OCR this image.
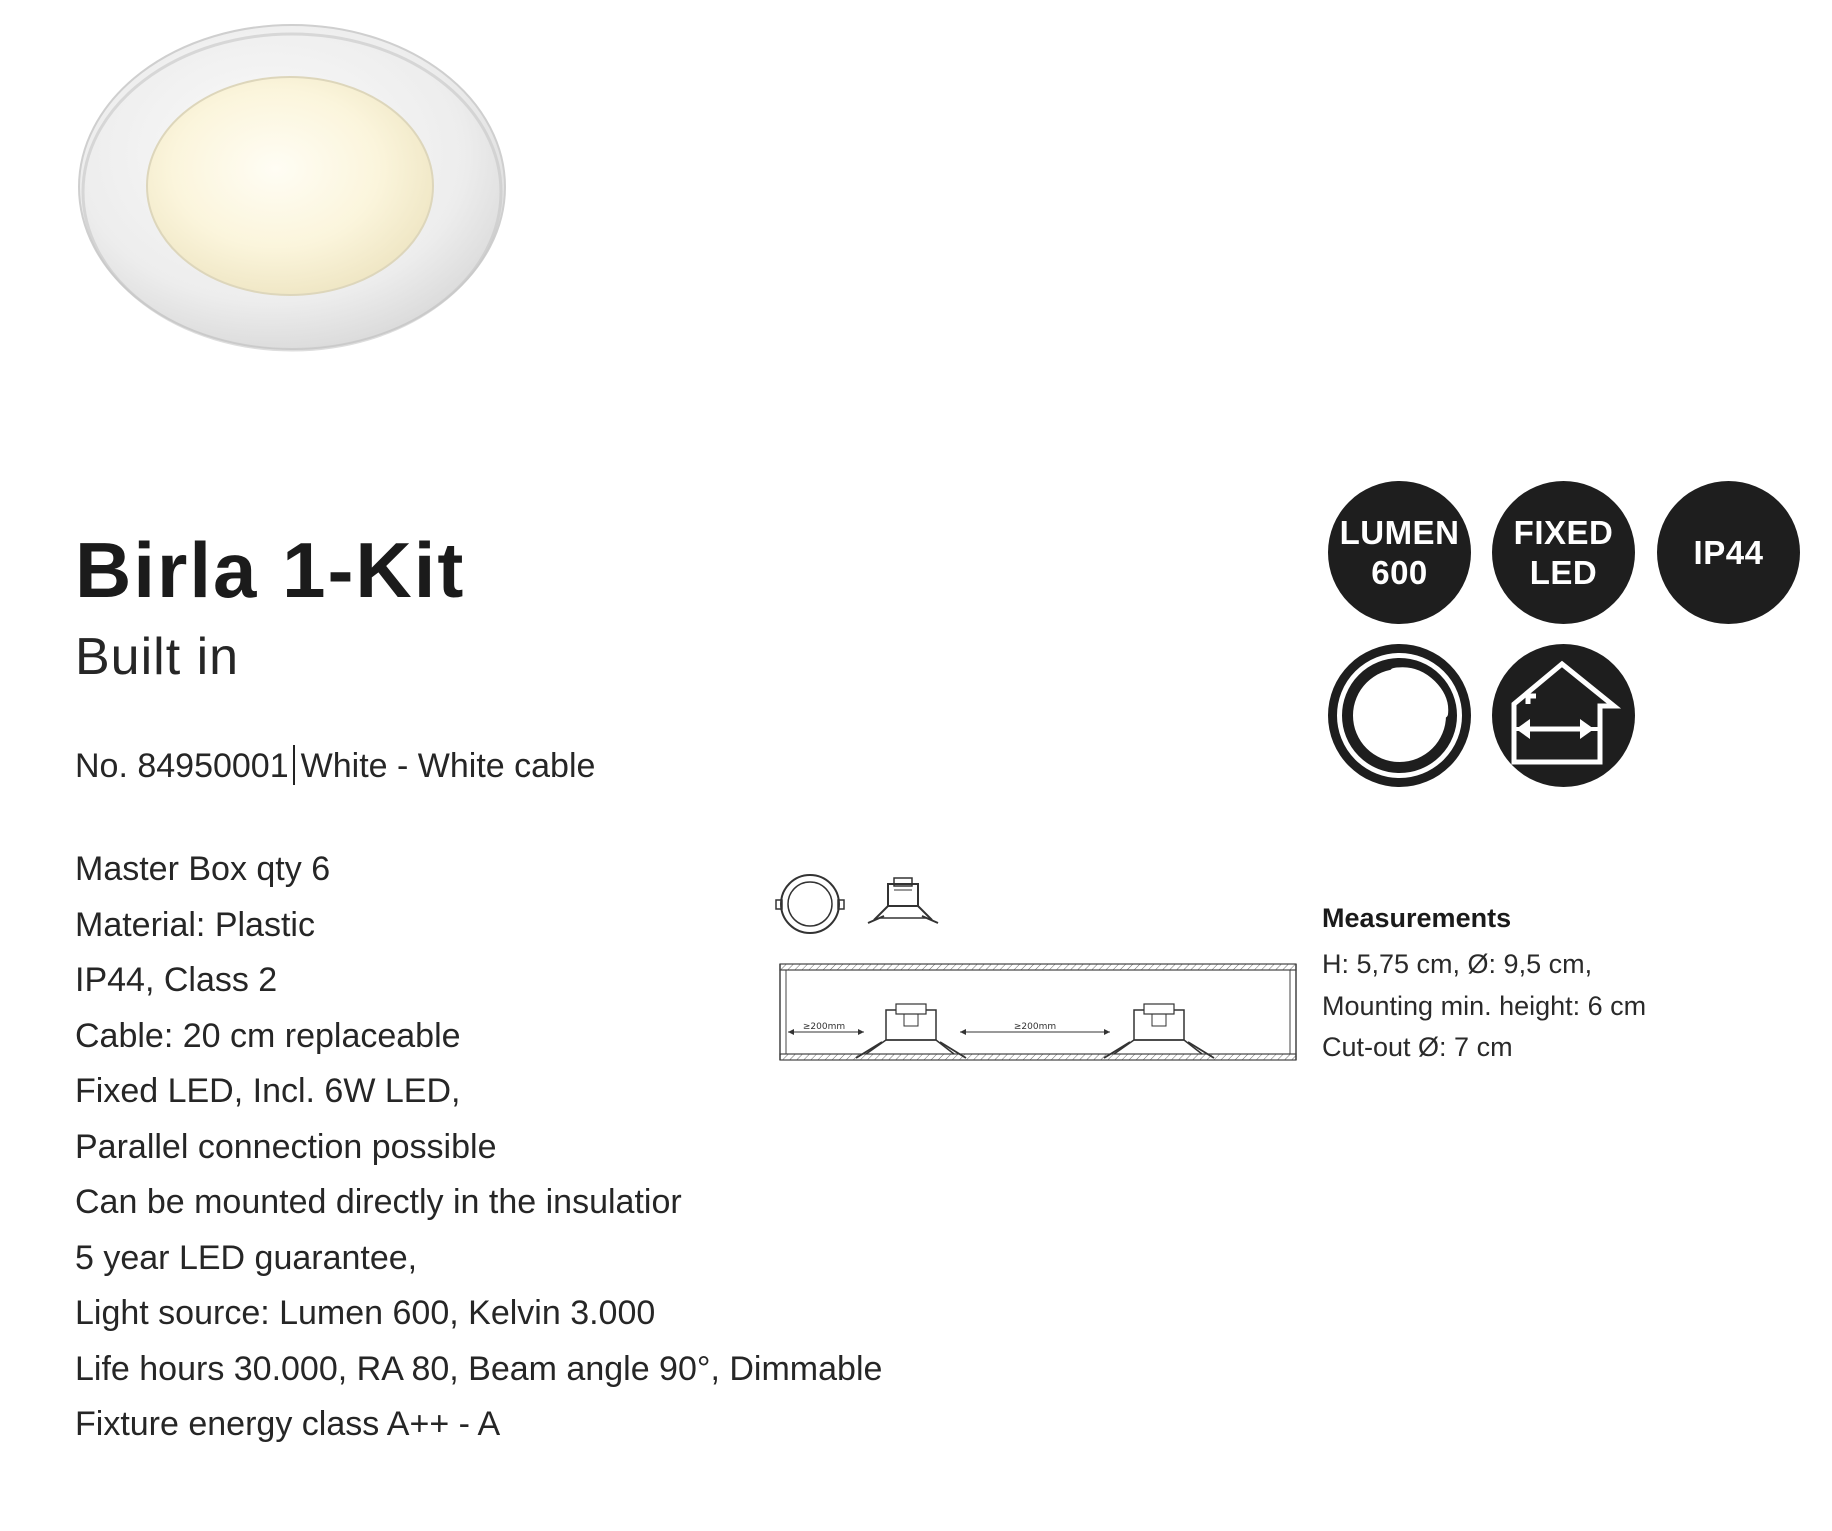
Birla 1-Kit
Built in
No. 84950001 White - White cable
Master Box qty 6
Material: Plastic
IP44, Class 2
Cable: 20 cm replaceable
Fixed LED, Incl. 6W LED,
Parallel connection possible
Can be mounted directly in the insulatior
5 year LED guarantee,
Light source: Lumen 600, Kelvin 3.000
Life hours 30.000, RA 80, Beam angle 90°, Dimmable
Fixture energy class A++ - A
LUMEN
600
FIXED
LED
IP44
≥200mm	≥200mm
Measurements
H: 5,75 cm, Ø: 9,5 cm,
Mounting min. height: 6 cm
Cut-out Ø: 7 cm
